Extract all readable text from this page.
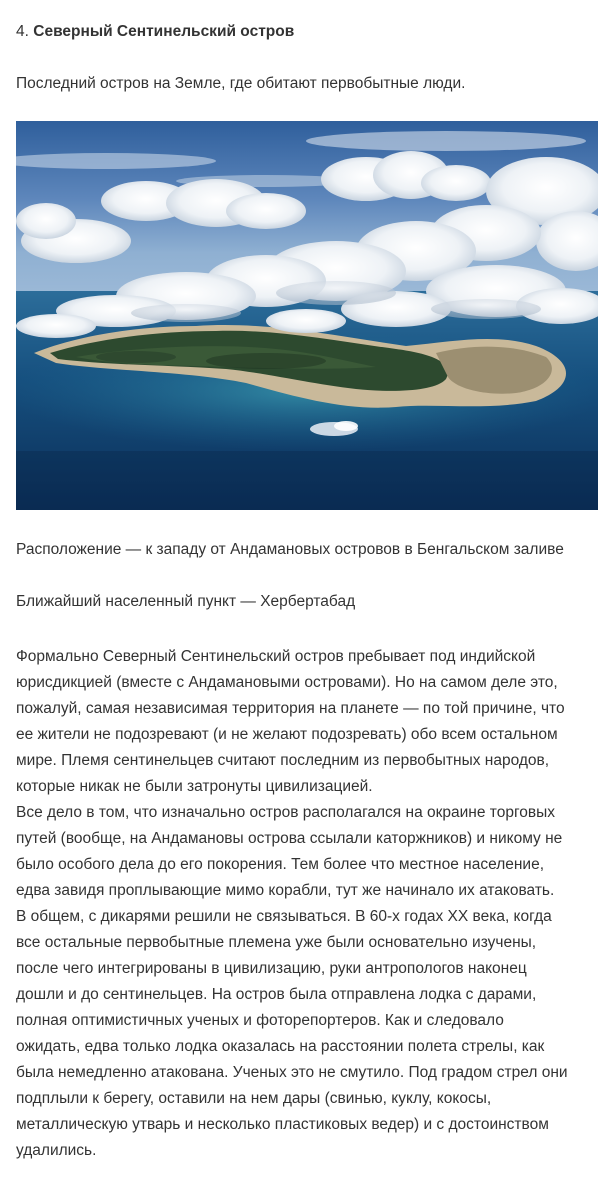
4. Северный Сентинельский остров
Последний остров на Земле, где обитают первобытные люди.
Расположение — к западу от Андамановых островов в Бенгальском заливе
Ближайший населенный пункт — Хербертабад
Формально Северный Сентинельский остров пребывает под индийской
юрисдикцией (вместе с Андамановыми островами). Но на самом деле это,
пожалуй, самая независимая территория на планете — по той причине, что
ее жители не подозревают (и не желают подозревать) обо всем остальном
мире. Племя сентинельцев считают последним из первобытных народов,
которые никак не были затронуты цивилизацией.
Все дело в том, что изначально остров располагался на окраине торговых
путей (вообще, на Андамановы острова ссылали каторжников) и никому не
было особого дела до его покорения. Тем более что местное население,
едва завидя проплывающие мимо корабли, тут же начинало их атаковать.
В общем, с дикарями решили не связываться. В 60-х годах XX века, когда
все остальные первобытные племена уже были основательно изучены,
после чего интегрированы в цивилизацию, руки антропологов наконец
дошли и до сентинельцев. На остров была отправлена лодка с дарами,
полная оптимистичных ученых и фоторепортеров. Как и следовало
ожидать, едва только лодка оказалась на расстоянии полета стрелы, как
была немедленно атакована. Ученых это не смутило. Под градом стрел они
подплыли к берегу, оставили на нем дары (свинью, куклу, кокосы,
металлическую утварь и несколько пластиковых ведер) и с достоинством
удалились.
